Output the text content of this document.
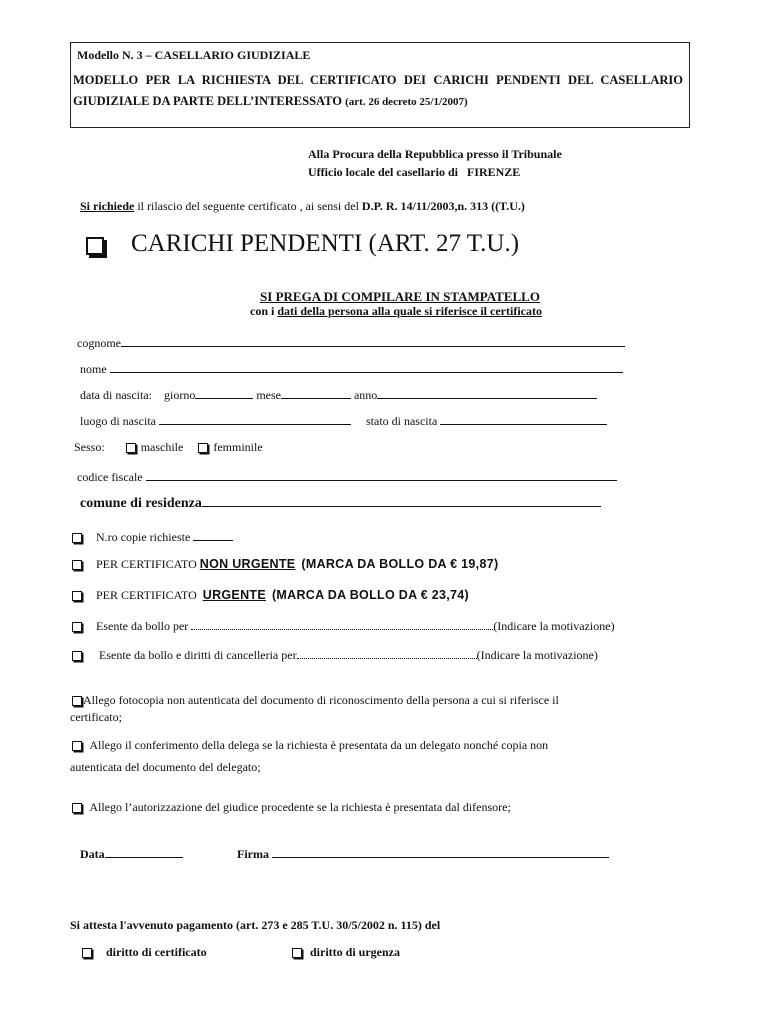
Modello N. 3 – CASELLARIO GIUDIZIALE
MODELLO PER LA RICHIESTA DEL CERTIFICATO DEI CARICHI PENDENTI DEL CASELLARIO
GIUDIZIALE DA PARTE DELL’INTERESSATO (art. 26 decreto 25/1/2007)
Alla Procura della Repubblica presso il Tribunale
Ufficio locale del casellario di FIRENZE
Si richiede il rilascio del seguente certificato , ai sensi del D.P. R. 14/11/2003,n. 313 ((T.U.)
CARICHI PENDENTI (ART. 27 T.U.)
SI PREGA DI COMPILARE IN STAMPATELLO
con i dati della persona alla quale si riferisce il certificato
cognome
nome
data di nascita: giorno	mese	anno
luogo di nascita	stato di nascita
Sesso:	maschile	femminile
codice fiscale
comune di residenza
N.ro copie richieste
PER CERTIFICATO NON URGENTE (MARCA DA BOLLO DA € 19,87)
PER CERTIFICATO URGENTE (MARCA DA BOLLO DA € 23,74)
Esente da bollo per	(Indicare la motivazione)
Esente da bollo e diritti di cancelleria per	(Indicare la motivazione)
Allego fotocopia non autenticata del documento di riconoscimento della persona a cui si riferisce il
certificato;
Allego il conferimento della delega se la richiesta è presentata da un delegato nonché copia non
autenticata del documento del delegato;
Allego l’autorizzazione del giudice procedente se la richiesta è presentata dal difensore;
Data	Firma
Si attesta l'avvenuto pagamento (art. 273 e 285 T.U. 30/5/2002 n. 115) del
diritto di certificato	diritto di urgenza
